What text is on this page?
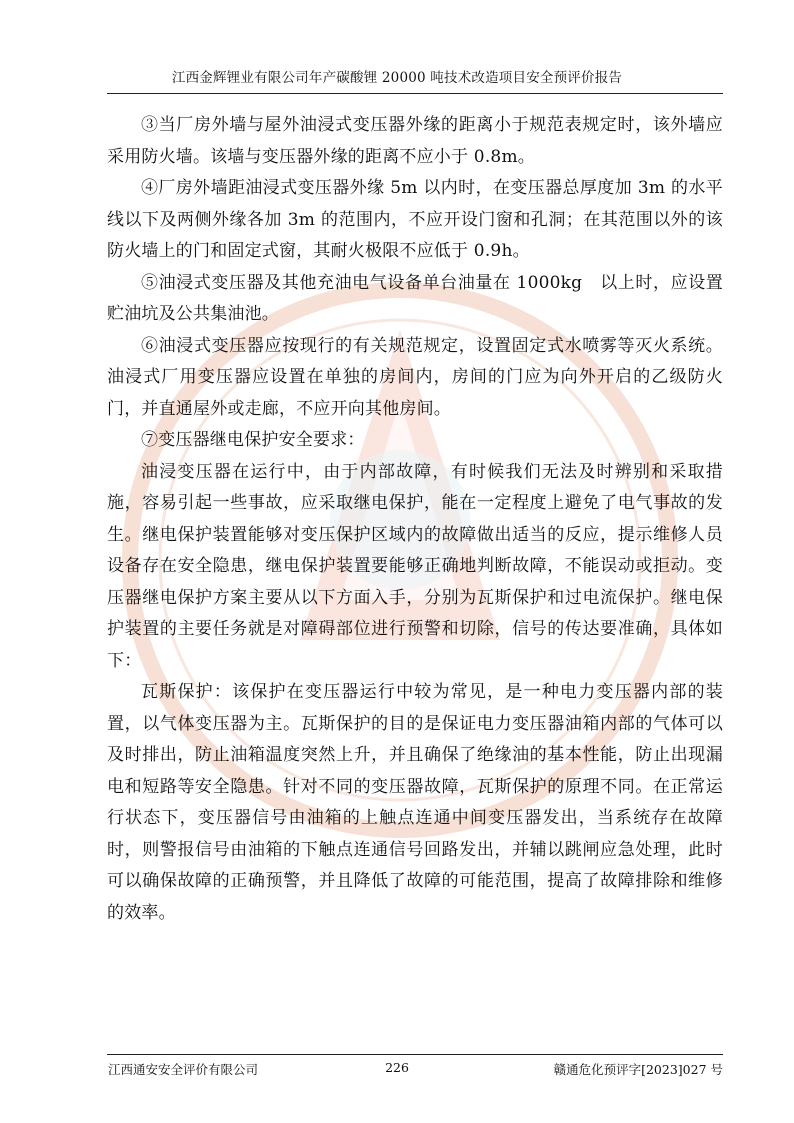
江西金辉锂业有限公司年产碳酸锂 20000 吨技术改造项目安全预评价报告

③当厂房外墙与屋外油浸式变压器外缘的距离小于规范表规定时，该外墙应采用防火墙。该墙与变压器外缘的距离不应小于 0.8m。

④厂房外墙距油浸式变压器外缘 5m 以内时，在变压器总厚度加 3m 的水平线以下及两侧外缘各加 3m 的范围内，不应开设门窗和孔洞；在其范围以外的该防火墙上的门和固定式窗，其耐火极限不应低于 0.9h。

⑤油浸式变压器及其他充油电气设备单台油量在 1000kg　以上时，应设置贮油坑及公共集油池。

⑥油浸式变压器应按现行的有关规范规定，设置固定式水喷雾等灭火系统。油浸式厂用变压器应设置在单独的房间内，房间的门应为向外开启的乙级防火门，并直通屋外或走廊，不应开向其他房间。

⑦变压器继电保护安全要求：

油浸变压器在运行中，由于内部故障，有时候我们无法及时辨别和采取措施，容易引起一些事故，应采取继电保护，能在一定程度上避免了电气事故的发生。继电保护装置能够对变压保护区域内的故障做出适当的反应，提示维修人员设备存在安全隐患，继电保护装置要能够正确地判断故障，不能误动或拒动。变压器继电保护方案主要从以下方面入手，分别为瓦斯保护和过电流保护。继电保护装置的主要任务就是对障碍部位进行预警和切除，信号的传达要准确，具体如下：

瓦斯保护：该保护在变压器运行中较为常见，是一种电力变压器内部的装置，以气体变压器为主。瓦斯保护的目的是保证电力变压器油箱内部的气体可以及时排出，防止油箱温度突然上升，并且确保了绝缘油的基本性能，防止出现漏电和短路等安全隐患。针对不同的变压器故障，瓦斯保护的原理不同。在正常运行状态下，变压器信号由油箱的上触点连通中间变压器发出，当系统存在故障时，则警报信号由油箱的下触点连通信号回路发出，并辅以跳闸应急处理，此时可以确保故障的正确预警，并且降低了故障的可能范围，提高了故障排除和维修的效率。

江西通安安全评价有限公司	226	赣通危化预评字[2023]027 号
